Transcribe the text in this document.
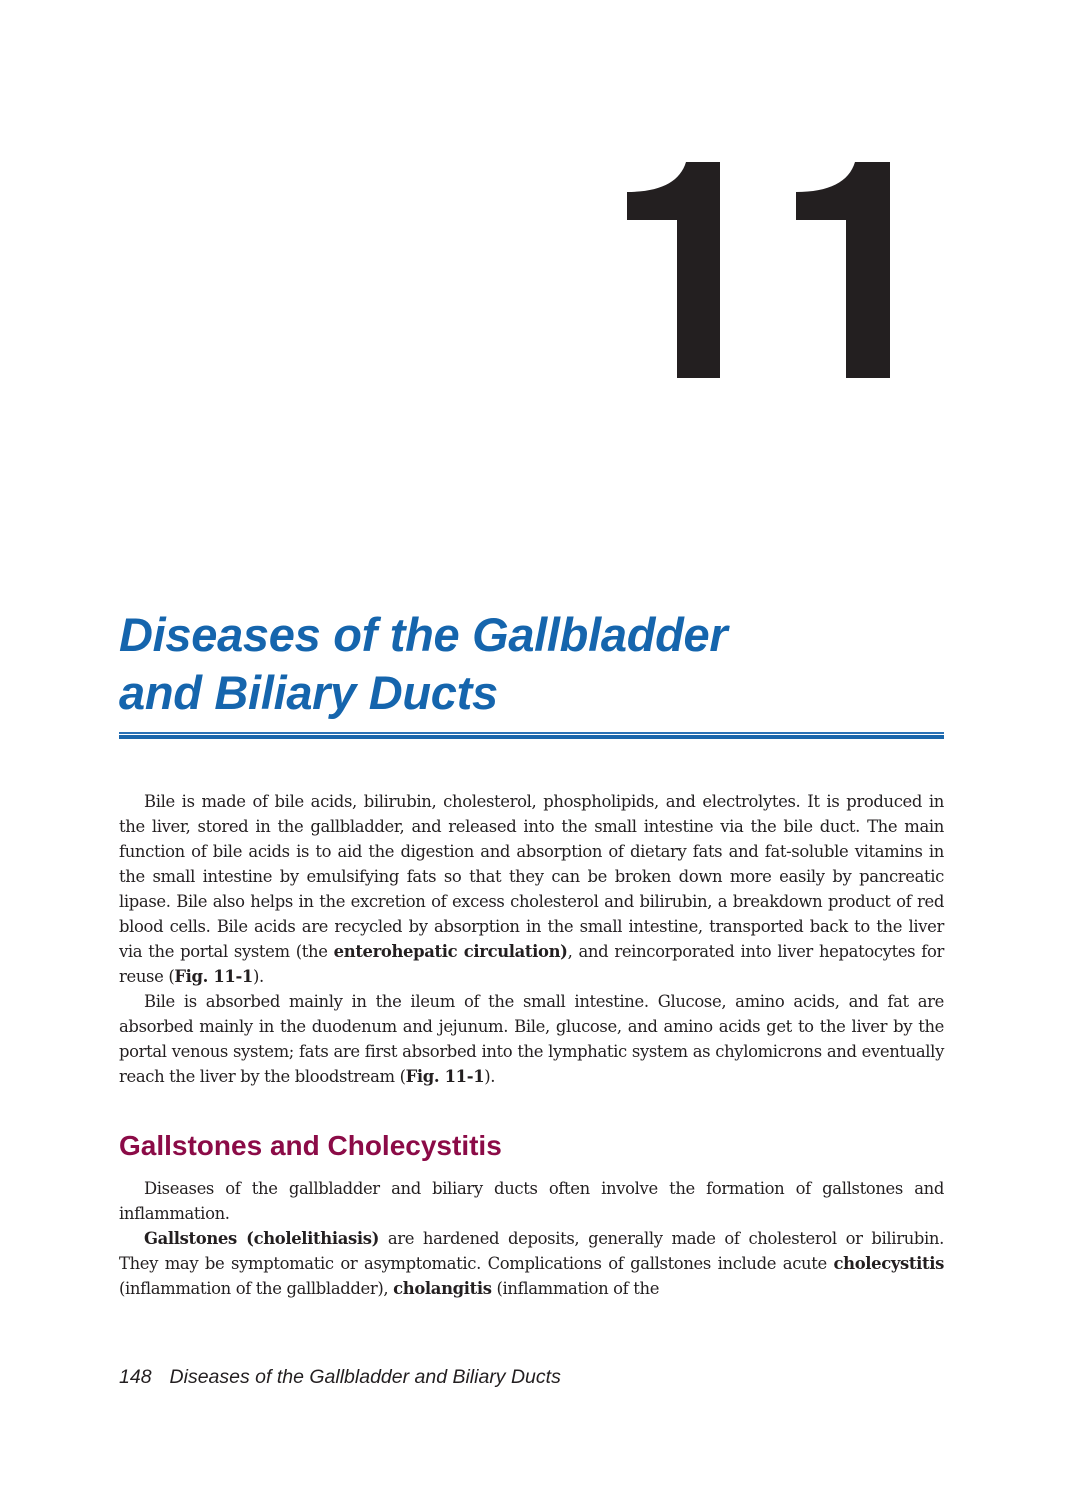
Diseases of the Gallbladder
and Biliary Ducts

Bile is made of bile acids, bilirubin, cholesterol, phospholipids, and electrolytes. It is produced in the liver, stored in the gallbladder, and released into the small intestine via the bile duct. The main function of bile acids is to aid the digestion and absorption of dietary fats and fat-soluble vitamins in the small intestine by emulsifying fats so that they can be broken down more easily by pancreatic lipase. Bile also helps in the excretion of excess cholesterol and bilirubin, a breakdown product of red blood cells. Bile acids are recycled by absorption in the small intestine, transported back to the liver via the portal system (the enterohepatic circulation), and reincorporated into liver hepatocytes for reuse (Fig. 11-1).

Bile is absorbed mainly in the ileum of the small intestine. Glucose, amino acids, and fat are absorbed mainly in the duodenum and jejunum. Bile, glucose, and amino acids get to the liver by the portal venous system; fats are first absorbed into the lymphatic system as chylomicrons and eventually reach the liver by the bloodstream (Fig. 11-1).

Gallstones and Cholecystitis

Diseases of the gallbladder and biliary ducts often involve the formation of gallstones and inflammation.

Gallstones (cholelithiasis) are hardened deposits, generally made of cholesterol or bilirubin. They may be symptomatic or asymptomatic. Complications of gallstones include acute cholecystitis (inflammation of the gallbladder), cholangitis (inflammation of the

148 Diseases of the Gallbladder and Biliary Ducts
